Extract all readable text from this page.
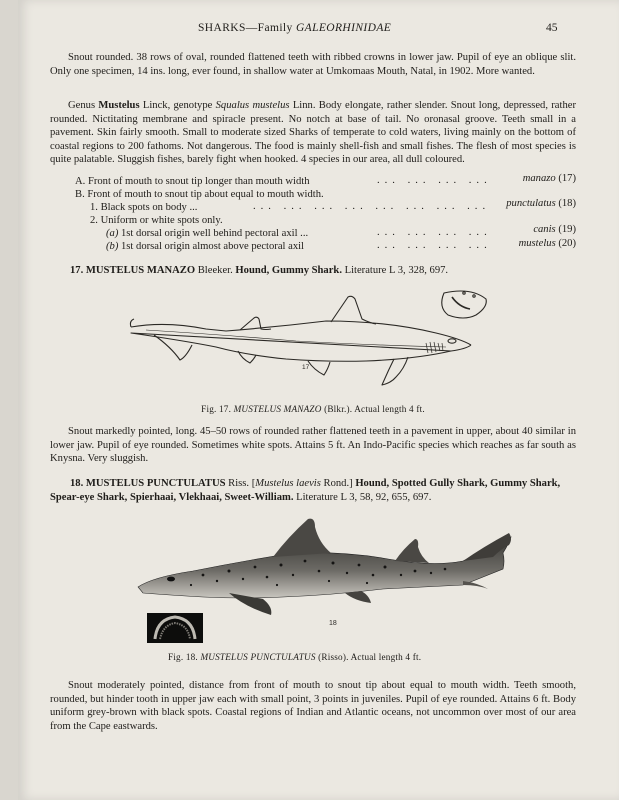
SHARKS—Family GALEORHINIDAE	45

Snout rounded. 38 rows of oval, rounded flattened teeth with ribbed crowns in lower jaw. Pupil of eye an oblique slit. Only one specimen, 14 ins. long, ever found, in shallow water at Umkomaas Mouth, Natal, in 1902. More wanted.

Genus Mustelus Linck, genotype Squalus mustelus Linn. Body elongate, rather slender. Snout long, depressed, rather rounded. Nictitating membrane and spiracle present. No notch at base of tail. No oronasal groove. Teeth small in a pavement. Skin fairly smooth. Small to moderate sized Sharks of temperate to cold waters, living mainly on the bottom of coastal regions to 200 fathoms. Not dangerous. The food is mainly shell-fish and small fishes. The flesh of most species is quite palatable. Sluggish fishes, barely fight when hooked. 4 species in our area, all dull coloured.

A. Front of mouth to snout tip longer than mouth width	... ... ... ...	manazo (17)
B. Front of mouth to snout tip about equal to mouth width.
1. Black spots on body ...	... ... ... ... ... ... ... ... punctulatus (18)
2. Uniform or white spots only.
(a) 1st dorsal origin well behind pectoral axil ...	... ... ... ...	canis (19)
(b) 1st dorsal origin almost above pectoral axil	... ... ... ...	mustelus (20)
17. MUSTELUS MANAZO Bleeker. Hound, Gummy Shark. Literature L 3, 328, 697.
17
Fig. 17. MUSTELUS MANAZO (Blkr.). Actual length 4 ft.

Snout markedly pointed, long. 45–50 rows of rounded rather flattened teeth in a pavement in upper, about 40 similar in lower jaw. Pupil of eye rounded. Sometimes white spots. Attains 5 ft. An Indo-Pacific species which reaches as far south as Knysna. Very sluggish.

18. MUSTELUS PUNCTULATUS Riss. [Mustelus laevis Rond.] Hound, Spotted Gully Shark, Gummy Shark, Spear-eye Shark, Spierhaai, Vlekhaai, Sweet-William. Literature L 3, 58, 92, 655, 697.

18
Fig. 18. MUSTELUS PUNCTULATUS (Risso). Actual length 4 ft.

Snout moderately pointed, distance from front of mouth to snout tip about equal to mouth width. Teeth smooth, rounded, but hinder tooth in upper jaw each with small point, 3 points in juveniles. Pupil of eye rounded. Attains 6 ft. Body uniform grey-brown with black spots. Coastal regions of Indian and Atlantic oceans, not uncommon over most of our area from the Cape eastwards.
